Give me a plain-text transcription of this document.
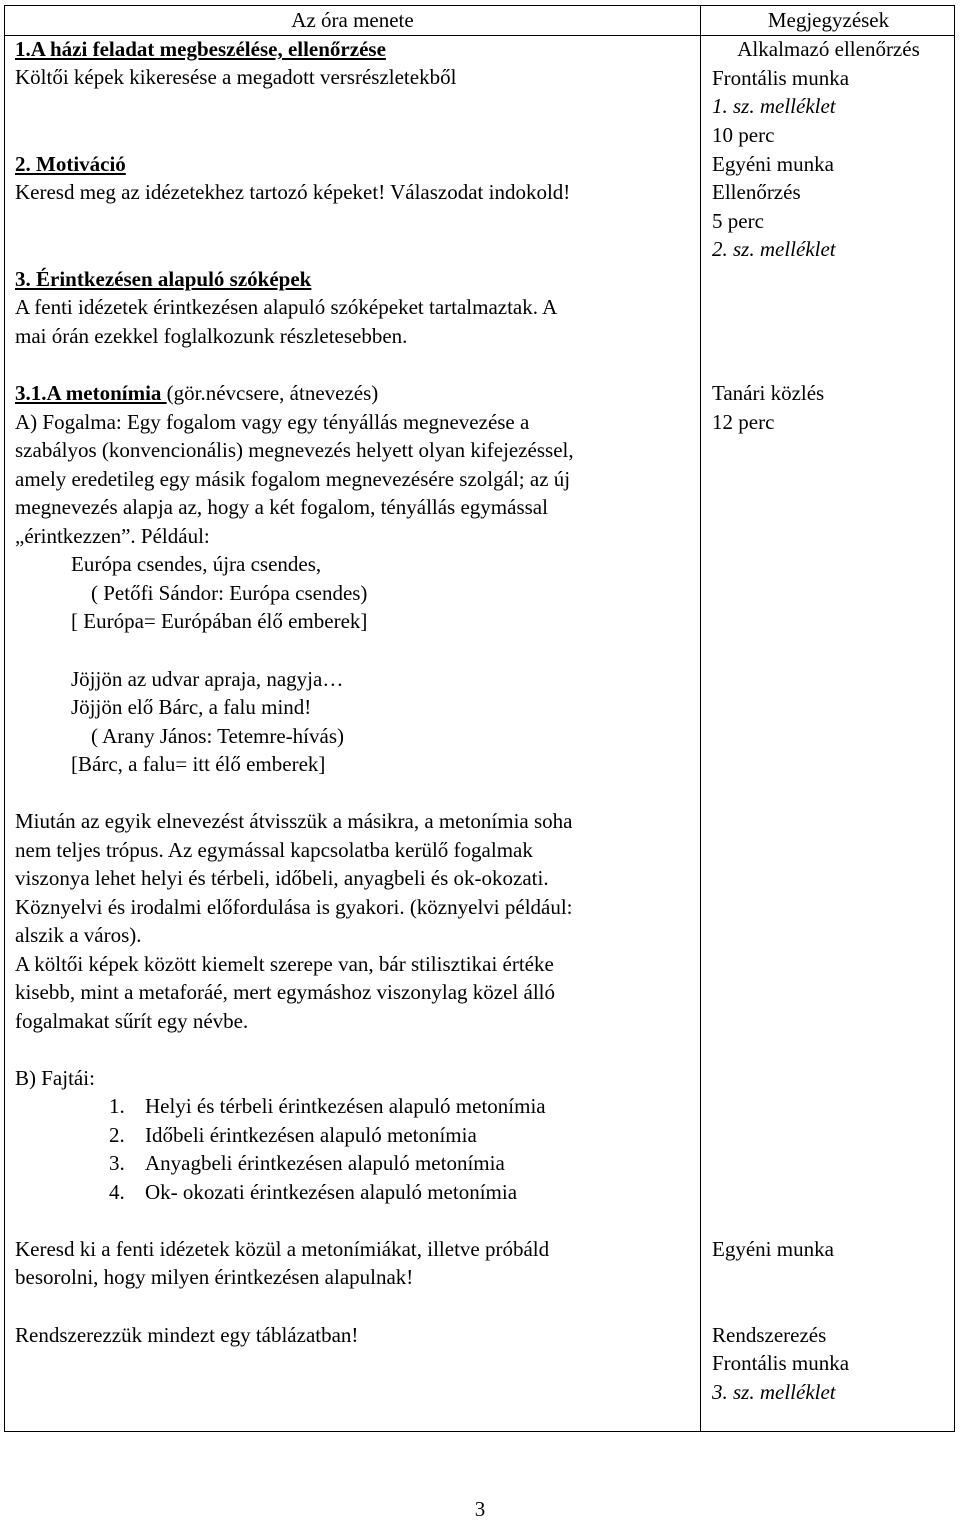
Az óra menete	Megjegyzések
1.A házi feladat megbeszélése, ellenőrzése
Költői képek kikeresése a megadott versrészletekből
2. Motiváció
Keresd meg az idézetekhez tartozó képeket! Válaszodat indokold!
3. Érintkezésen alapuló szóképek
A fenti idézetek érintkezésen alapuló szóképeket tartalmaztak. A
mai órán ezekkel foglalkozunk részletesebben.
3.1.A metonímia (gör.névcsere, átnevezés)
A) Fogalma: Egy fogalom vagy egy tényállás megnevezése a
szabályos (konvencionális) megnevezés helyett olyan kifejezéssel,
amely eredetileg egy másik fogalom megnevezésére szolgál; az új
megnevezés alapja az, hogy a két fogalom, tényállás egymással
„érintkezzen”. Például:
Európa csendes, újra csendes,
( Petőfi Sándor: Európa csendes)
[ Európa= Európában élő emberek]
Jöjjön az udvar apraja, nagyja…
Jöjjön elő Bárc, a falu mind!
( Arany János: Tetemre-hívás)
[Bárc, a falu= itt élő emberek]
Miután az egyik elnevezést átvisszük a másikra, a metonímia soha
nem teljes trópus. Az egymással kapcsolatba kerülő fogalmak
viszonya lehet helyi és térbeli, időbeli, anyagbeli és ok-okozati.
Köznyelvi és irodalmi előfordulása is gyakori. (köznyelvi például:
alszik a város).
A költői képek között kiemelt szerepe van, bár stilisztikai értéke
kisebb, mint a metaforáé, mert egymáshoz viszonylag közel álló
fogalmakat sűrít egy névbe.
B) Fajtái:
1. Helyi és térbeli érintkezésen alapuló metonímia
2. Időbeli érintkezésen alapuló metonímia
3. Anyagbeli érintkezésen alapuló metonímia
4. Ok- okozati érintkezésen alapuló metonímia
Keresd ki a fenti idézetek közül a metonímiákat, illetve próbáld
besorolni, hogy milyen érintkezésen alapulnak!
Rendszerezzük mindezt egy táblázatban!
Alkalmazó ellenőrzés
Frontális munka
1. sz. melléklet
10 perc
Egyéni munka
Ellenőrzés
5 perc
2. sz. melléklet
Tanári közlés
12 perc
Egyéni munka
Rendszerezés
Frontális munka
3. sz. melléklet
3
